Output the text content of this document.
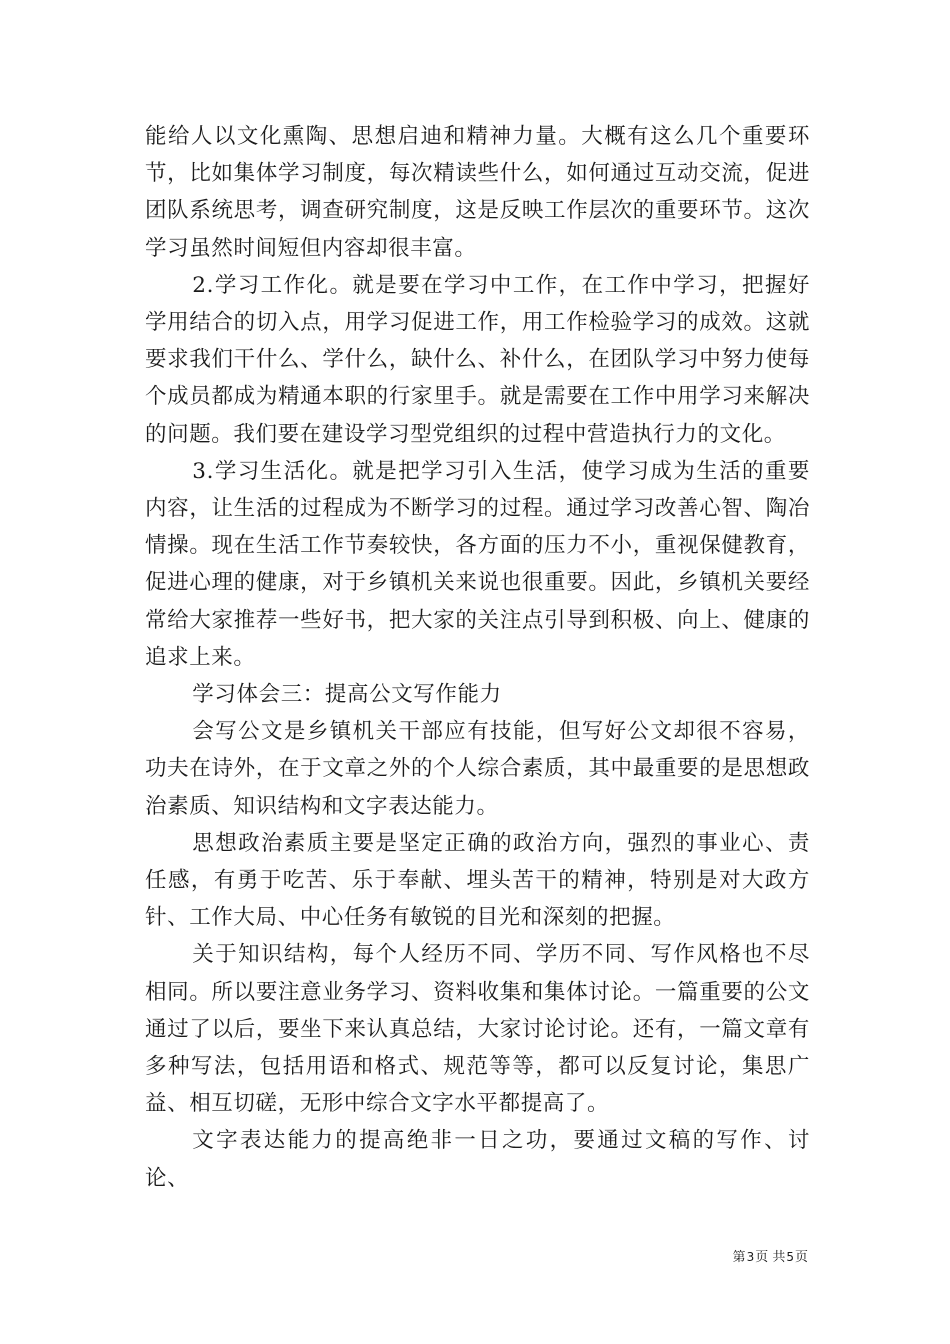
能给人以文化熏陶、思想启迪和精神力量。大概有这么几个重要环节，比如集体学习制度，每次精读些什么，如何通过互动交流，促进团队系统思考，调查研究制度，这是反映工作层次的重要环节。这次学习虽然时间短但内容却很丰富。

2.学习工作化。就是要在学习中工作，在工作中学习，把握好学用结合的切入点，用学习促进工作，用工作检验学习的成效。这就要求我们干什么、学什么，缺什么、补什么，在团队学习中努力使每个成员都成为精通本职的行家里手。就是需要在工作中用学习来解决的问题。我们要在建设学习型党组织的过程中营造执行力的文化。

3.学习生活化。就是把学习引入生活，使学习成为生活的重要内容，让生活的过程成为不断学习的过程。通过学习改善心智、陶冶情操。现在生活工作节奏较快，各方面的压力不小，重视保健教育，促进心理的健康，对于乡镇机关来说也很重要。因此，乡镇机关要经常给大家推荐一些好书，把大家的关注点引导到积极、向上、健康的追求上来。

学习体会三：提高公文写作能力

会写公文是乡镇机关干部应有技能，但写好公文却很不容易，功夫在诗外，在于文章之外的个人综合素质，其中最重要的是思想政治素质、知识结构和文字表达能力。

思想政治素质主要是坚定正确的政治方向，强烈的事业心、责任感，有勇于吃苦、乐于奉献、埋头苦干的精神，特别是对大政方针、工作大局、中心任务有敏锐的目光和深刻的把握。

关于知识结构，每个人经历不同、学历不同、写作风格也不尽相同。所以要注意业务学习、资料收集和集体讨论。一篇重要的公文通过了以后，要坐下来认真总结，大家讨论讨论。还有，一篇文章有多种写法，包括用语和格式、规范等等，都可以反复讨论，集思广益、相互切磋，无形中综合文字水平都提高了。

文字表达能力的提高绝非一日之功，要通过文稿的写作、讨论、

第3页 共5页
